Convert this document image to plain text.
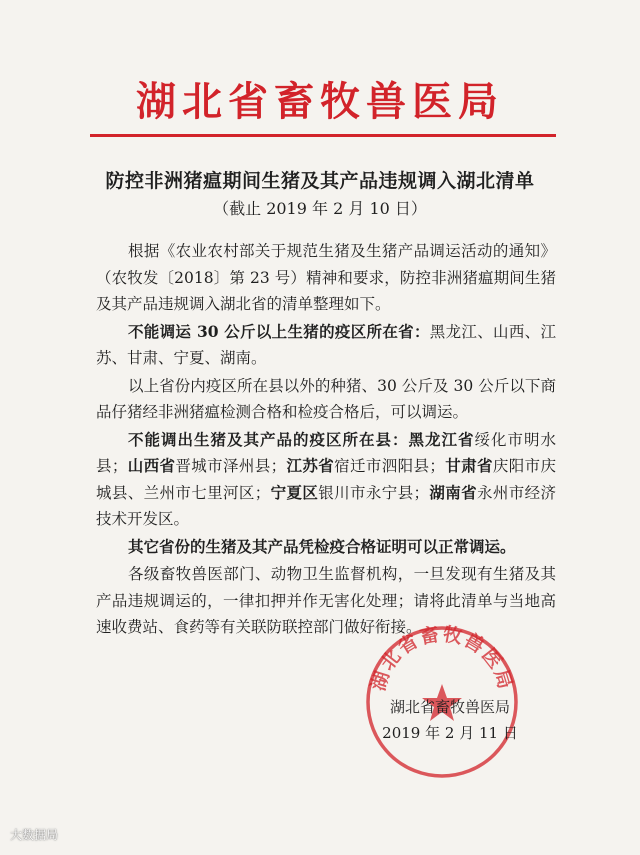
湖北省畜牧兽医局
防控非洲猪瘟期间生猪及其产品违规调入湖北清单
（截止 2019 年 2 月 10 日）

根据《农业农村部关于规范生猪及生猪产品调运活动的通知》（农牧发〔2018〕第 23 号）精神和要求，防控非洲猪瘟期间生猪及其产品违规调入湖北省的清单整理如下。

不能调运 30 公斤以上生猪的疫区所在省：黑龙江、山西、江苏、甘肃、宁夏、湖南。

以上省份内疫区所在县以外的种猪、30 公斤及 30 公斤以下商品仔猪经非洲猪瘟检测合格和检疫合格后，可以调运。

不能调出生猪及其产品的疫区所在县：黑龙江省绥化市明水县；山西省晋城市泽州县；江苏省宿迁市泗阳县；甘肃省庆阳市庆城县、兰州市七里河区；宁夏区银川市永宁县；湖南省永州市经济技术开发区。

其它省份的生猪及其产品凭检疫合格证明可以正常调运。

各级畜牧兽医部门、动物卫生监督机构，一旦发现有生猪及其产品违规调运的，一律扣押并作无害化处理；请将此清单与当地高速收费站、食药等有关联防联控部门做好衔接。

湖北省畜牧兽医局
湖北省畜牧兽医局
2019 年 2 月 11 日
大数据局
